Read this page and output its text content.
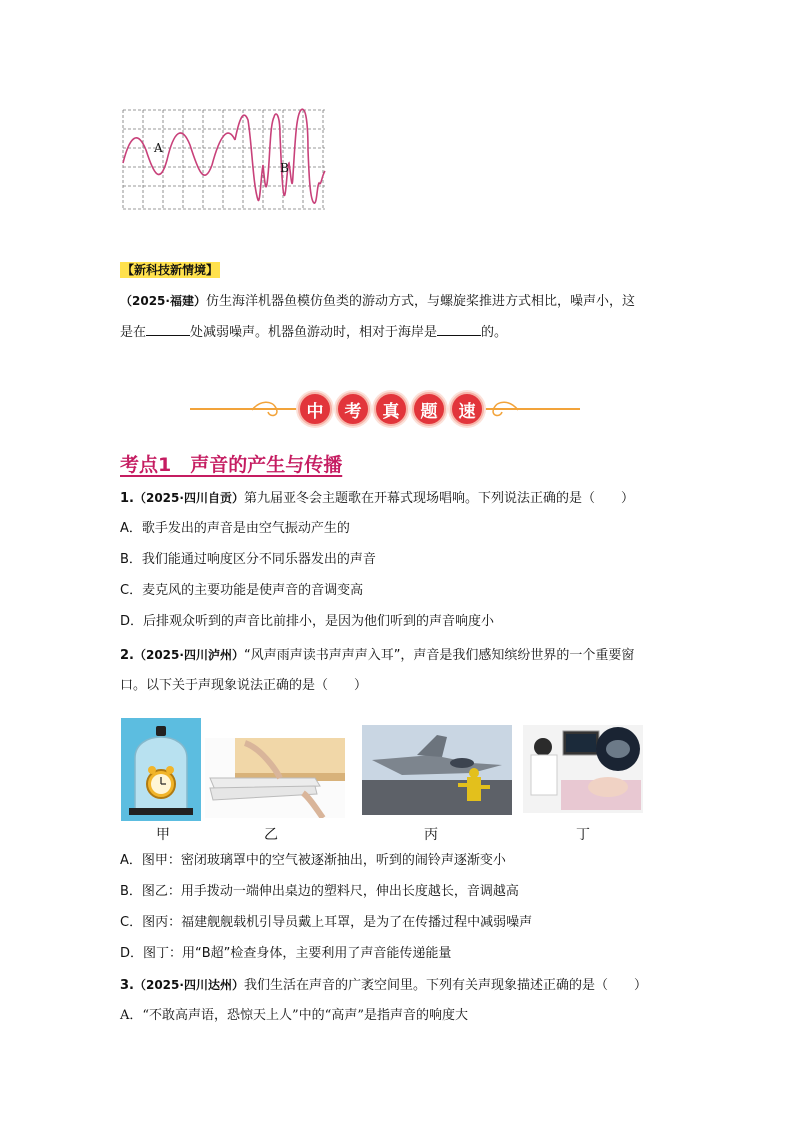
A
B
【新科技新情境】
（2025·福建）仿生海洋机器鱼模仿鱼类的游动方式，与螺旋桨推进方式相比，噪声小，这
是在	处减弱噪声。机器鱼游动时，相对于海岸是	的。
中	考	真	题	速
考点1　声音的产生与传播
1.（2025·四川自贡）第九届亚冬会主题歌在开幕式现场唱响。下列说法正确的是（　　）
A．歌手发出的声音是由空气振动产生的
B．我们能通过响度区分不同乐器发出的声音
C．麦克风的主要功能是使声音的音调变高
D．后排观众听到的声音比前排小，是因为他们听到的声音响度小
2.（2025·四川泸州）“风声雨声读书声声声入耳”，声音是我们感知缤纷世界的一个重要窗
口。以下关于声现象说法正确的是（　　）
甲	乙	丙	丁
A．图甲：密闭玻璃罩中的空气被逐渐抽出，听到的闹铃声逐渐变小
B．图乙：用手拨动一端伸出桌边的塑料尺，伸出长度越长，音调越高
C．图丙：福建舰舰载机引导员戴上耳罩，是为了在传播过程中减弱噪声
D．图丁：用“B超”检查身体，主要利用了声音能传递能量
3.（2025·四川达州）我们生活在声音的广袤空间里。下列有关声现象描述正确的是（　　）
A．“不敢高声语，恐惊天上人”中的“高声”是指声音的响度大
